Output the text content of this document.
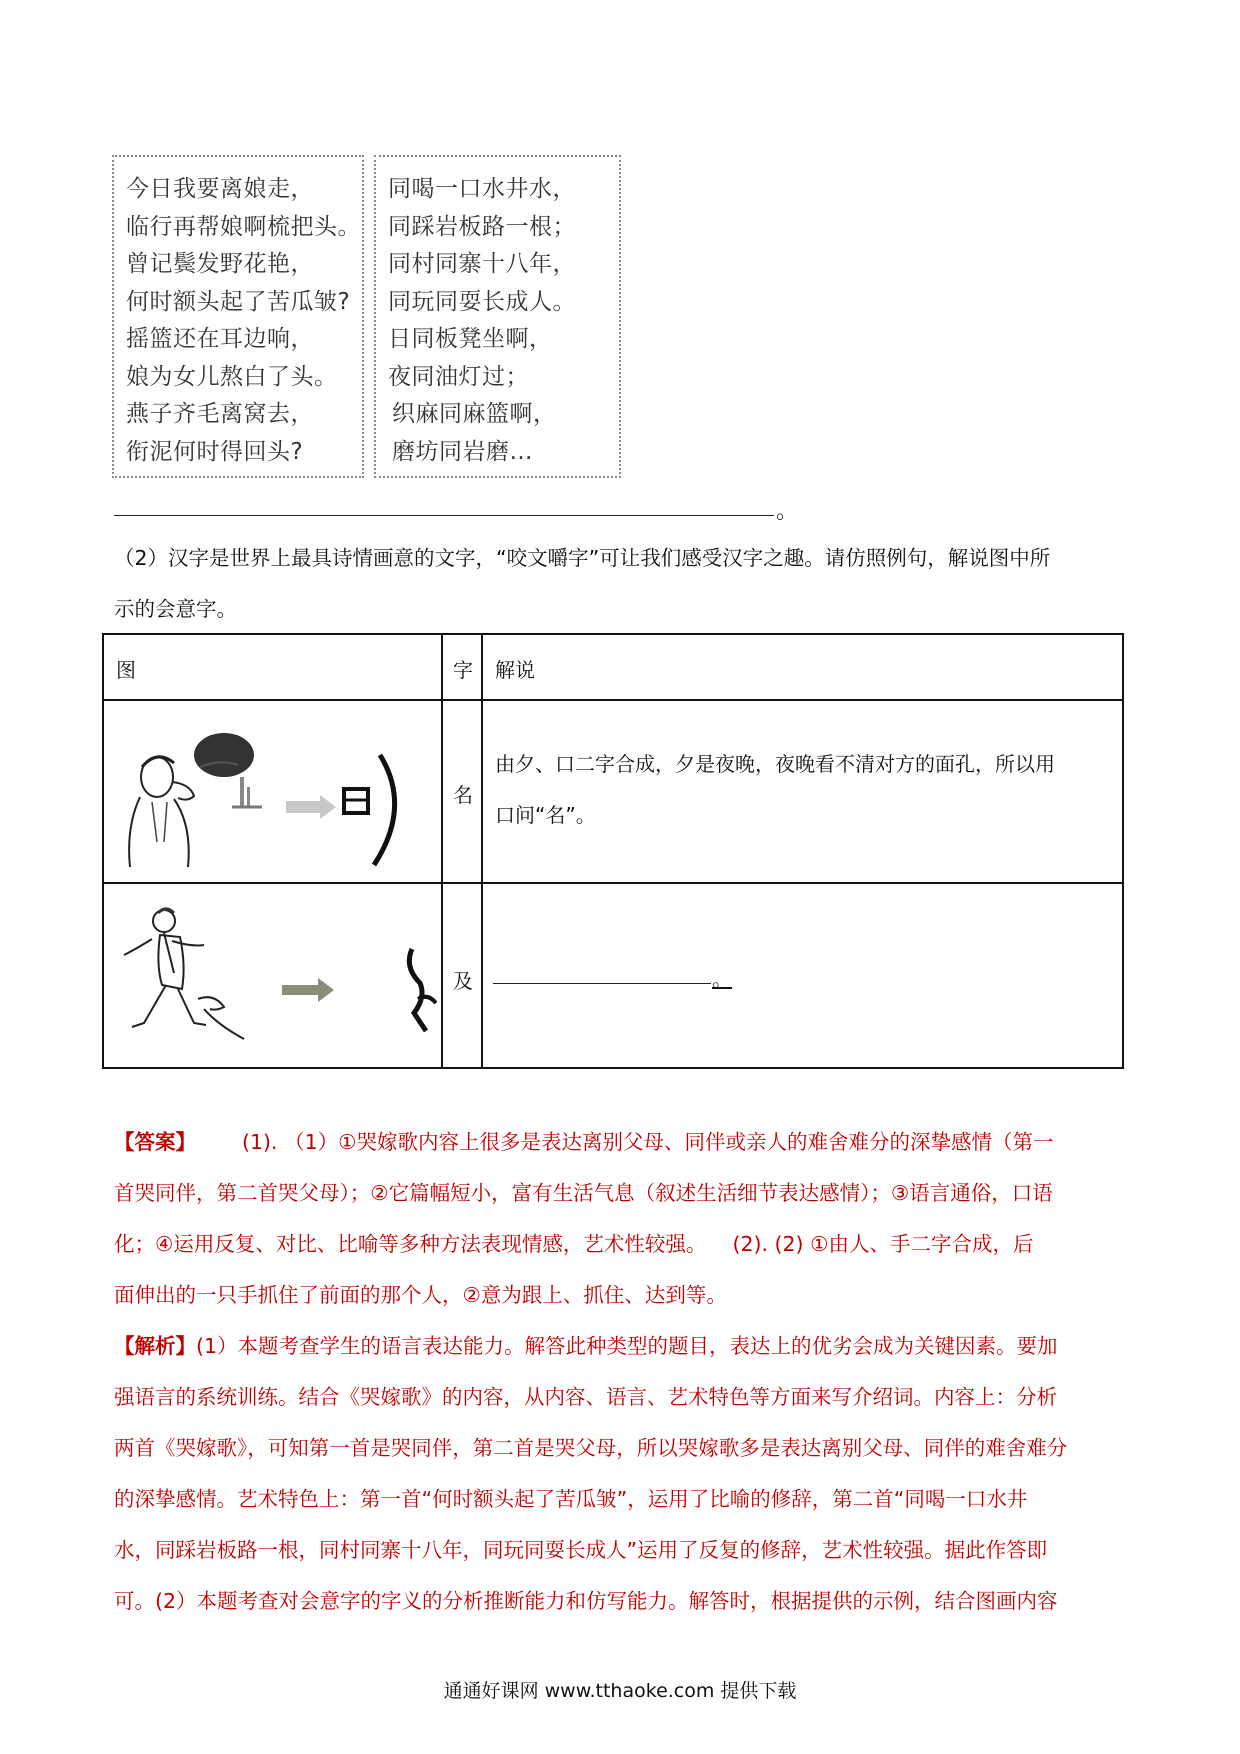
今日我要离娘走，
临行再帮娘啊梳把头。
曾记鬓发野花艳，
何时额头起了苦瓜皱?
摇篮还在耳边响，
娘为女儿熬白了头。
燕子齐毛离窝去，
衔泥何时得回头?
同喝一口水井水，
同踩岩板路一根；
同村同寨十八年，
同玩同耍长成人。
日同板凳坐啊，
夜同油灯过；
织麻同麻篮啊，
磨坊同岩磨…
。
（2）汉字是世界上最具诗情画意的文字，“咬文嚼字”可让我们感受汉字之趣。请仿照例句，解说图中所
示的会意字。
图	字 解说
名
由夕、口二字合成，夕是夜晚，夜晚看不清对方的面孔，所以用
口问“名”。
及	。
【答案】 (1). （1）①哭嫁歌内容上很多是表达离别父母、同伴或亲人的难舍难分的深挚感情（第一
首哭同伴，第二首哭父母）；②它篇幅短小，富有生活气息（叙述生活细节表达感情）；③语言通俗，口语
化；④运用反复、对比、比喻等多种方法表现情感，艺术性较强。    (2). (2) ①由人、手二字合成，后
面伸出的一只手抓住了前面的那个人，②意为跟上、抓住、达到等。
【解析】(1）本题考查学生的语言表达能力。解答此种类型的题目，表达上的优劣会成为关键因素。要加
强语言的系统训练。结合《哭嫁歌》的内容，从内容、语言、艺术特色等方面来写介绍词。内容上：分析
两首《哭嫁歌》，可知第一首是哭同伴，第二首是哭父母，所以哭嫁歌多是表达离别父母、同伴的难舍难分
的深挚感情。艺术特色上：第一首“何时额头起了苦瓜皱”，运用了比喻的修辞，第二首“同喝一口水井
水，同踩岩板路一根，同村同寨十八年，同玩同耍长成人”运用了反复的修辞，艺术性较强。据此作答即
可。(2）本题考查对会意字的字义的分析推断能力和仿写能力。解答时，根据提供的示例，结合图画内容
通通好课网 www.tthaoke.com 提供下载
